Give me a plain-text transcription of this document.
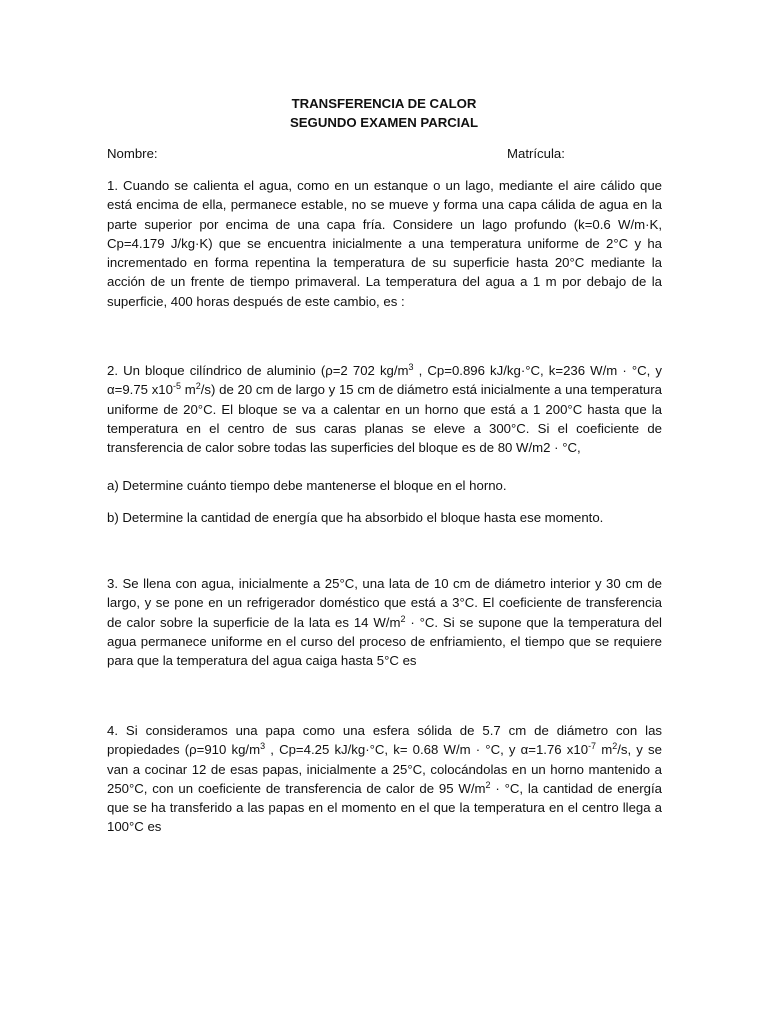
TRANSFERENCIA DE CALOR
SEGUNDO EXAMEN PARCIAL
Nombre:	Matrícula:

1. Cuando se calienta el agua, como en un estanque o un lago, mediante el aire cálido que está encima de ella, permanece estable, no se mueve y forma una capa cálida de agua en la parte superior por encima de una capa fría. Considere un lago profundo (k=0.6 W/m·K, Cp=4.179 J/kg·K) que se encuentra inicialmente a una temperatura uniforme de 2°C y ha incrementado en forma repentina la temperatura de su superficie hasta 20°C mediante la acción de un frente de tiempo primaveral. La temperatura del agua a 1 m por debajo de la superficie, 400 horas después de este cambio, es :

2. Un bloque cilíndrico de aluminio (ρ=2 702 $kg/m^3$ , Cp=0.896 kJ/kg·°C, k=236 W/m · °C, y α=9.75 $x10^{-5}$ $m^2/s$) de 20 cm de largo y 15 cm de diámetro está inicialmente a una temperatura uniforme de 20°C. El bloque se va a calentar en un horno que está a 1 200°C hasta que la temperatura en el centro de sus caras planas se eleve a 300°C. Si el coeficiente de transferencia de calor sobre todas las superficies del bloque es de 80 W/m2 · °C,

a) Determine cuánto tiempo debe mantenerse el bloque en el horno.
b) Determine la cantidad de energía que ha absorbido el bloque hasta ese momento.

3. Se llena con agua, inicialmente a 25°C, una lata de 10 cm de diámetro interior y 30 cm de largo, y se pone en un refrigerador doméstico que está a 3°C. El coeficiente de transferencia de calor sobre la superficie de la lata es 14 $W/m^2 \cdot ^\circ C$. Si se supone que la temperatura del agua permanece uniforme en el curso del proceso de enfriamiento, el tiempo que se requiere para que la temperatura del agua caiga hasta 5°C es

4. Si consideramos una papa como una esfera sólida de 5.7 cm de diámetro con las propiedades (ρ=910 $kg/m^3$ , Cp=4.25 kJ/kg·°C, k= 0.68 W/m · °C, y α=1.76 $x10^{-7}$ $m^2/s$, y se van a cocinar 12 de esas papas, inicialmente a 25°C, colocándolas en un horno mantenido a 250°C, con un coeficiente de transferencia de calor de 95 $W/m^2 \cdot ^\circ C$, la cantidad de energía que se ha transferido a las papas en el momento en el que la temperatura en el centro llega a 100°C es
